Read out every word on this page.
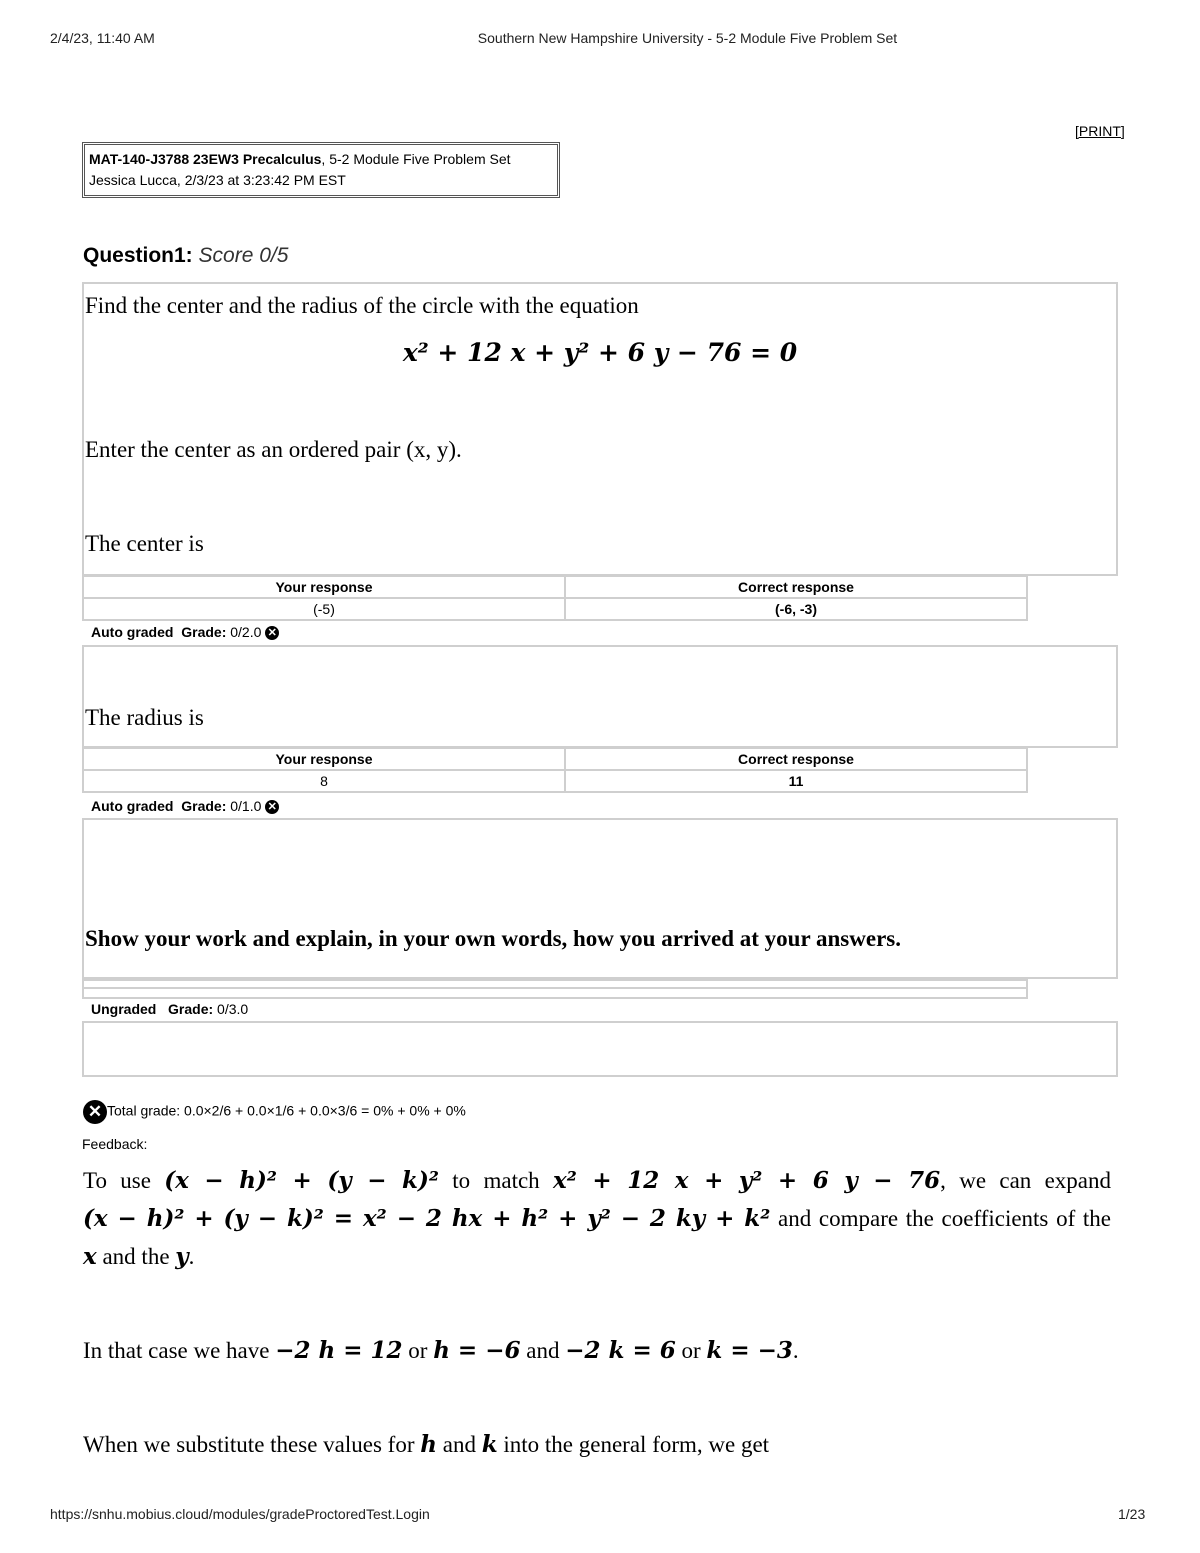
2/4/23, 11:40 AM	Southern New Hampshire University - 5-2 Module Five Problem Set
[PRINT]
MAT-140-J3788 23EW3 Precalculus, 5-2 Module Five Problem Set
Jessica Lucca, 2/3/23 at 3:23:42 PM EST
Question1: Score 0/5
Find the center and the radius of the circle with the equation
x² + 12 x + y² + 6 y − 76 = 0
Enter the center as an ordered pair (x, y).
The center is
Your response	Correct response
(-5)	(-6, -3)
Auto graded Grade: 0/2.0 ✕
The radius is
Your response	Correct response
8	11
Auto graded Grade: 0/1.0 ✕
Show your work and explain, in your own words, how you arrived at your answers.
Ungraded Grade: 0/3.0
✕ Total grade: 0.0×2/6 + 0.0×1/6 + 0.0×3/6 = 0% + 0% + 0%
Feedback:
To use (x − h)² + (y − k)² to match x² + 12 x + y² + 6 y − 76, we can expand
(x − h)² + (y − k)² = x² − 2 hx + h² + y² − 2 ky + k² and compare the coefficients of the
x and the y.
In that case we have −2 h = 12 or h = −6 and −2 k = 6 or k = −3.
When we substitute these values for h and k into the general form, we get
https://snhu.mobius.cloud/modules/gradeProctoredTest.Login	1/23
